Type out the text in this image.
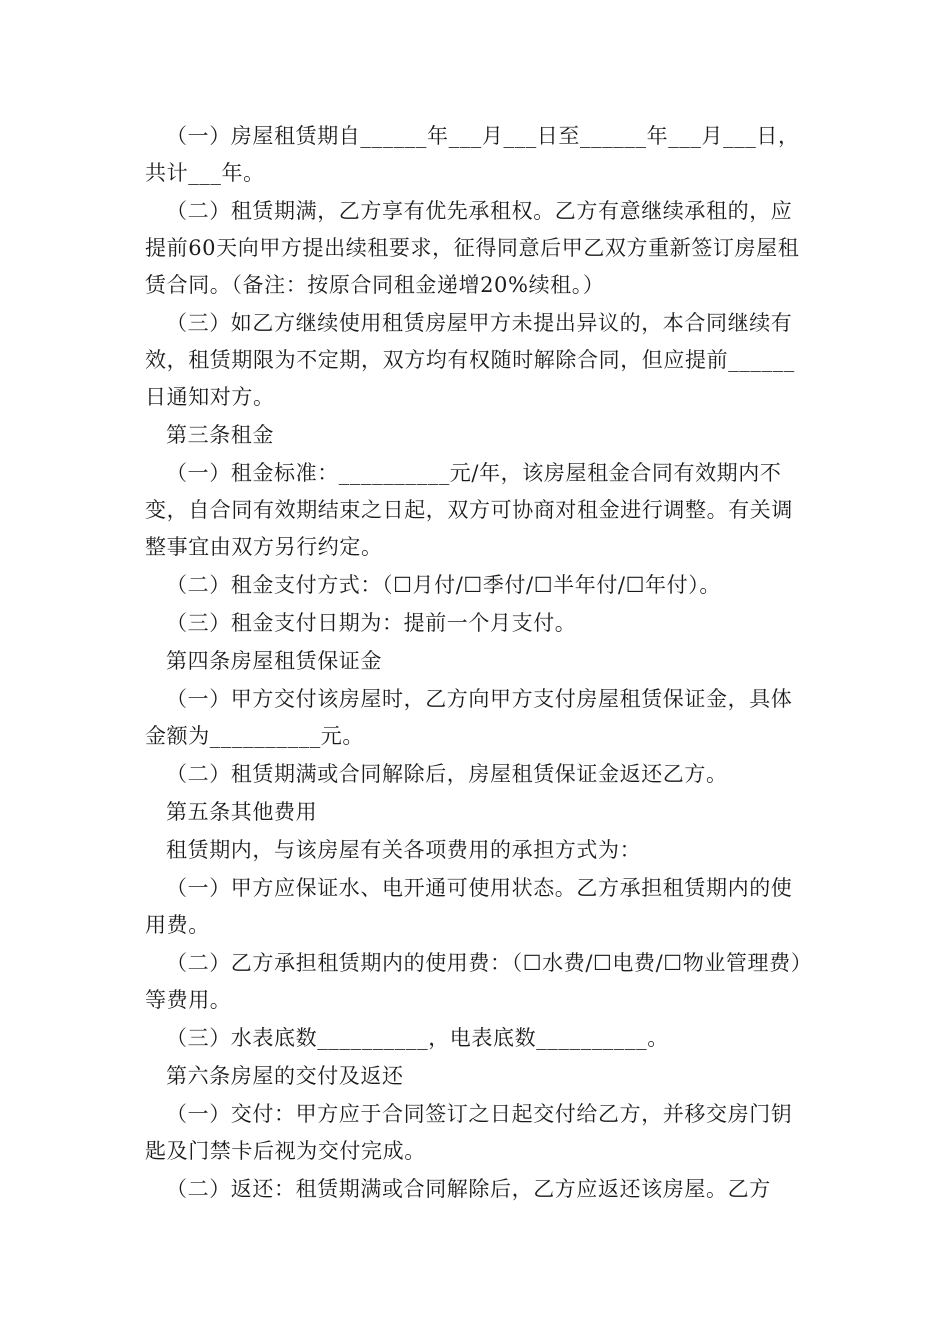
（一）房屋租赁期自______年___月___日至______年___月___日，共计___年。

（二）租赁期满，乙方享有优先承租权。乙方有意继续承租的，应提前60天向甲方提出续租要求，征得同意后甲乙双方重新签订房屋租赁合同。（备注：按原合同租金递增20%续租。）

（三）如乙方继续使用租赁房屋甲方未提出异议的，本合同继续有效，租赁期限为不定期，双方均有权随时解除合同，但应提前______日通知对方。

第三条租金

（一）租金标准：__________元/年，该房屋租金合同有效期内不变，自合同有效期结束之日起，双方可协商对租金进行调整。有关调整事宜由双方另行约定。

（二）租金支付方式：（☐月付/☐季付/☐半年付/☐年付）。

（三）租金支付日期为：提前一个月支付。

第四条房屋租赁保证金

（一）甲方交付该房屋时，乙方向甲方支付房屋租赁保证金，具体金额为__________元。

（二）租赁期满或合同解除后，房屋租赁保证金返还乙方。

第五条其他费用

租赁期内，与该房屋有关各项费用的承担方式为：

（一）甲方应保证水、电开通可使用状态。乙方承担租赁期内的使用费。

（二）乙方承担租赁期内的使用费：（☐水费/☐电费/☐物业管理费）等费用。

（三）水表底数__________，电表底数__________。

第六条房屋的交付及返还

（一）交付：甲方应于合同签订之日起交付给乙方，并移交房门钥匙及门禁卡后视为交付完成。

（二）返还：租赁期满或合同解除后，乙方应返还该房屋。乙方
